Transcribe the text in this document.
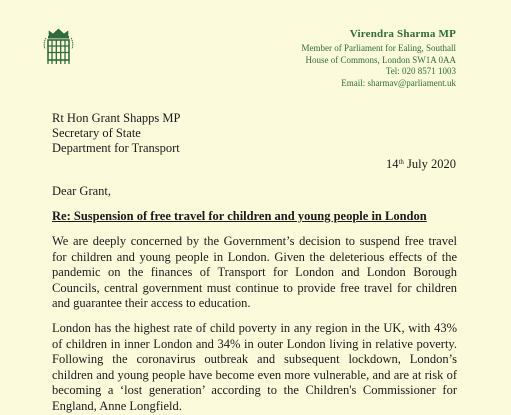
Virendra Sharma MP
Member of Parliament for Ealing, Southall
House of Commons, London SW1A 0AA
Tel: 020 8571 1003
Email: sharmav@parliament.uk
Rt Hon Grant Shapps MP
Secretary of State
Department for Transport
14th July 2020
Dear Grant,
Re: Suspension of free travel for children and young people in London
We are deeply concerned by the Government’s decision to suspend free travel for children and young people in London. Given the deleterious effects of the pandemic on the finances of Transport for London and London Borough Councils, central government must continue to provide free travel for children and guarantee their access to education.
London has the highest rate of child poverty in any region in the UK, with 43% of children in inner London and 34% in outer London living in relative poverty. Following the coronavirus outbreak and subsequent lockdown, London’s children and young people have become even more vulnerable, and are at risk of becoming a ‘lost generation’ according to the Children's Commissioner for England, Anne Longfield.
